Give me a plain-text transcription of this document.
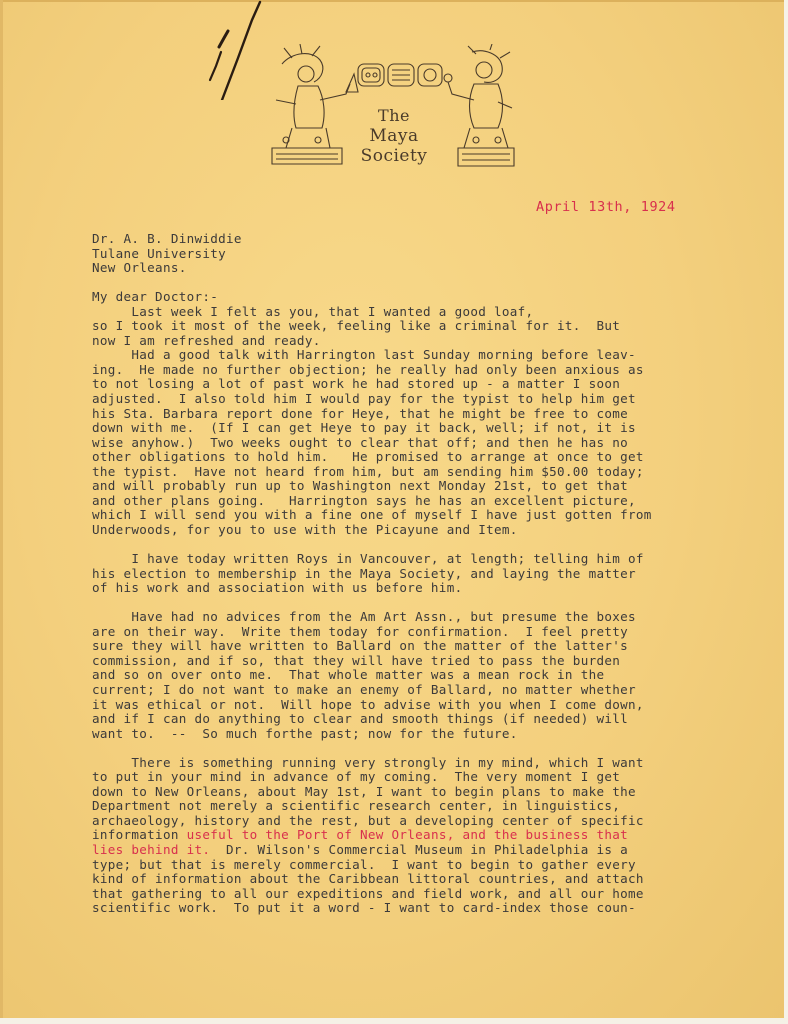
The
Maya Society
April 13th, 1924
Dr. A. B. Dinwiddie
Tulane University
New Orleans.
My dear Doctor:-
Last week I felt as you, that I wanted a good loaf,
so I took it most of the week, feeling like a criminal for it.  But
now I am refreshed and ready.
Had a good talk with Harrington last Sunday morning before leav-
ing.  He made no further objection; he really had only been anxious as
to not losing a lot of past work he had stored up - a matter I soon
adjusted.  I also told him I would pay for the typist to help him get
his Sta. Barbara report done for Heye, that he might be free to come
down with me.  (If I can get Heye to pay it back, well; if not, it is
wise anyhow.)  Two weeks ought to clear that off; and then he has no
other obligations to hold him.   He promised to arrange at once to get
the typist.  Have not heard from him, but am sending him $50.00 today;
and will probably run up to Washington next Monday 21st, to get that
and other plans going.   Harrington says he has an excellent picture,
which I will send you with a fine one of myself I have just gotten from
Underwoods, for you to use with the Picayune and Item.
I have today written Roys in Vancouver, at length; telling him of
his election to membership in the Maya Society, and laying the matter
of his work and association with us before him.
Have had no advices from the Am Art Assn., but presume the boxes
are on their way.  Write them today for confirmation.  I feel pretty
sure they will have written to Ballard on the matter of the latter's
commission, and if so, that they will have tried to pass the burden
and so on over onto me.  That whole matter was a mean rock in the
current; I do not want to make an enemy of Ballard, no matter whether
it was ethical or not.  Will hope to advise with you when I come down,
and if I can do anything to clear and smooth things (if needed) will
want to.  --  So much forthe past; now for the future.
There is something running very strongly in my mind, which I want
to put in your mind in advance of my coming.  The very moment I get
down to New Orleans, about May 1st, I want to begin plans to make the
Department not merely a scientific research center, in linguistics,
archaeology, history and the rest, but a developing center of specific
information useful to the Port of New Orleans, and the business that
lies behind it.  Dr. Wilson's Commercial Museum in Philadelphia is a
type; but that is merely commercial.  I want to begin to gather every
kind of information about the Caribbean littoral countries, and attach
that gathering to all our expeditions and field work, and all our home
scientific work.  To put it a word - I want to card-index those coun-
